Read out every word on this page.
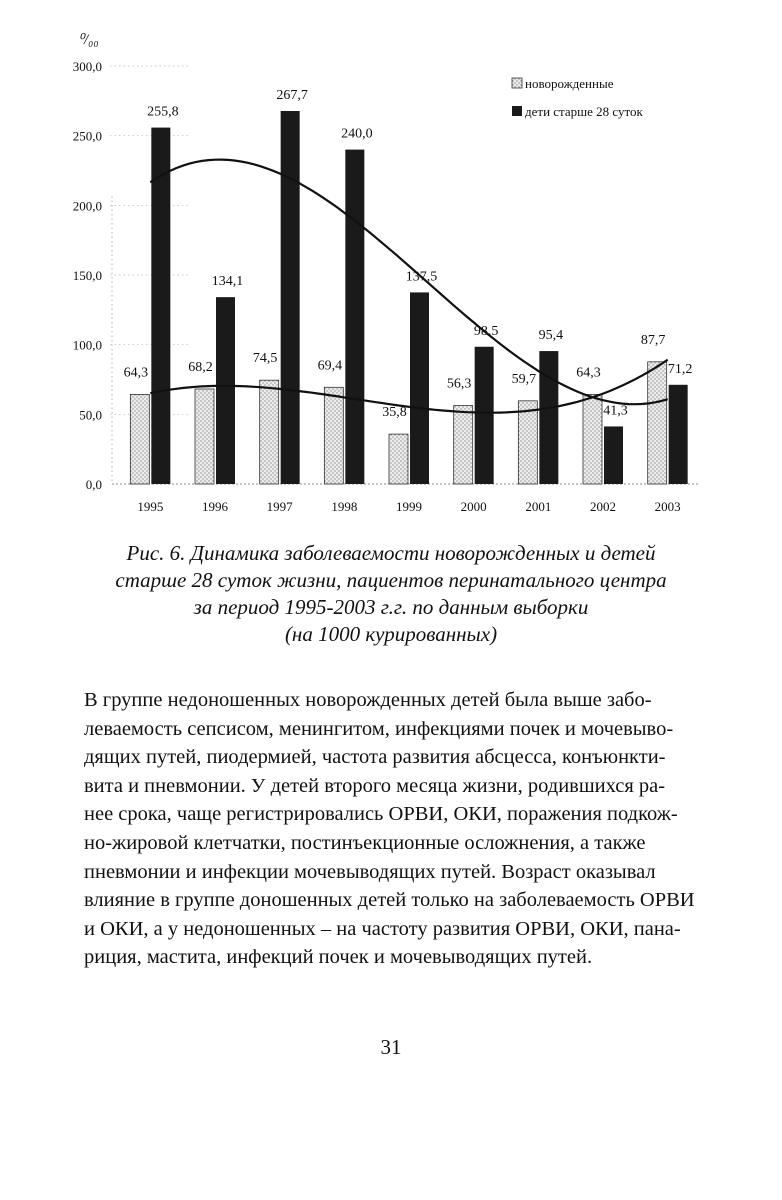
⁰/₀₀
0,0
50,0
100,0
150,0
200,0
250,0
300,0
1995	1996	1997	1998	1999	2000	2001	2002	2003
64,3
255,8
68,2
134,1
74,5
267,7
69,4
240,0
35,8
137,5
56,3
98.5
59,7
95,4
64,3
41,3
87,7
71,2
новорожденные
дети старше 28 суток
Рис. 6. Динамика заболеваемости новорожденных и детей
старше 28 суток жизни, пациентов перинатального центра
за период 1995-2003 г.г. по данным выборки
(на 1000 курированных)

В группе недоношенных новорожденных детей была выше забо-

леваемость сепсисом, менингитом, инфекциями почек и мочевыво-

дящих путей, пиодермией, частота развития абсцесса, конъюнкти-

вита и пневмонии. У детей второго месяца жизни, родившихся ра-

нее срока, чаще регистрировались ОРВИ, ОКИ, поражения подкож-

но-жировой клетчатки, постинъекционные осложнения, а также

пневмонии и инфекции мочевыводящих путей. Возраст оказывал

влияние в группе доношенных детей только на заболеваемость ОРВИ

и ОКИ, а у недоношенных – на частоту развития ОРВИ, ОКИ, пана-

риция, мастита, инфекций почек и мочевыводящих путей.

31
